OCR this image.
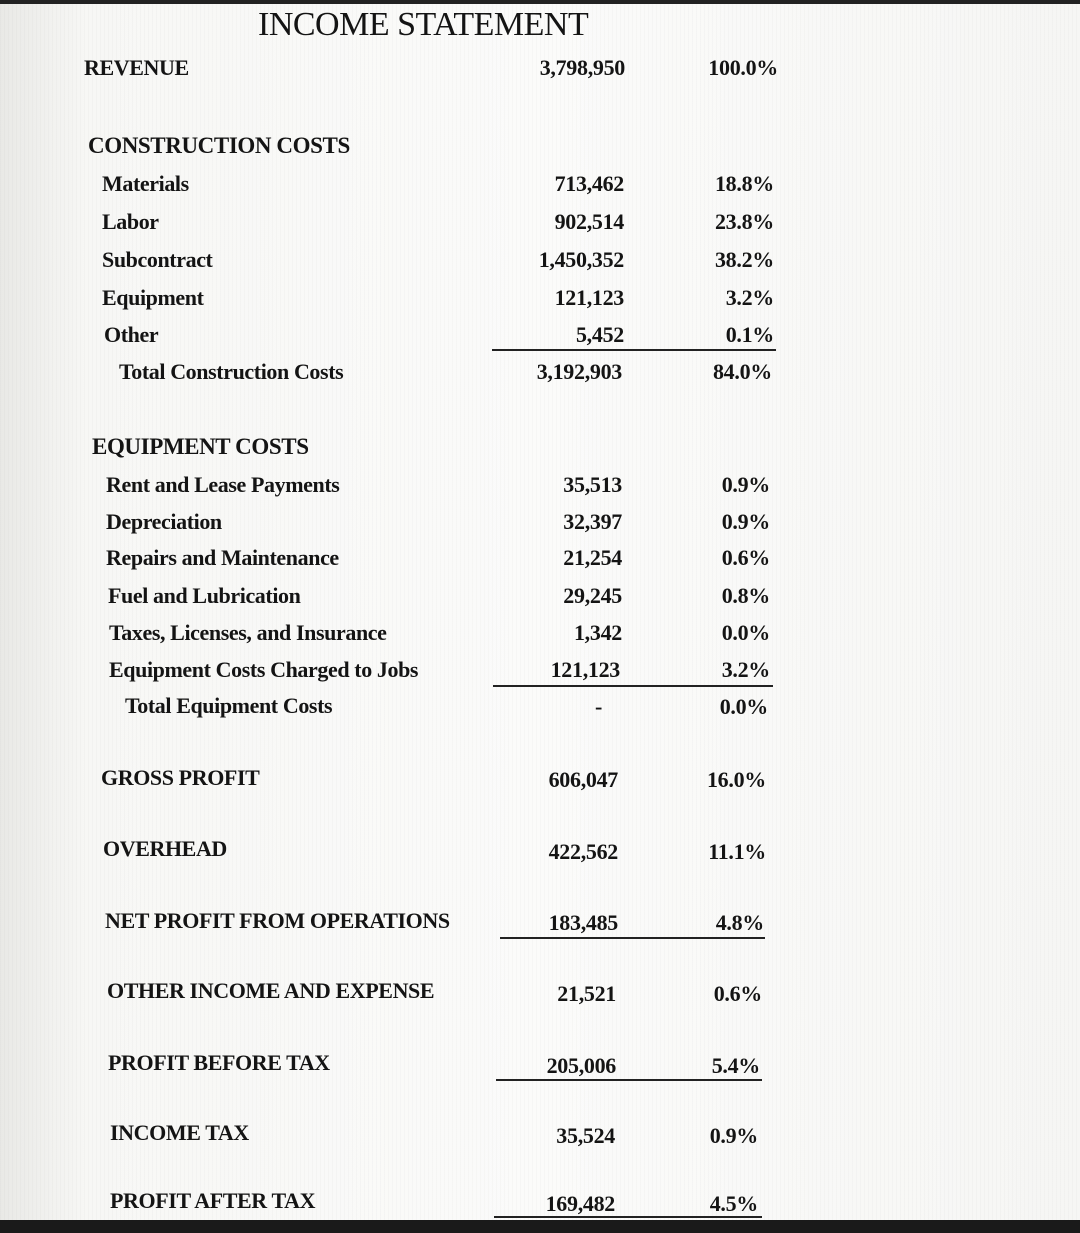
INCOME STATEMENT
REVENUE	3,798,950	100.0%
CONSTRUCTION COSTS
Materials	713,462	18.8%
Labor	902,514	23.8%
Subcontract	1,450,352	38.2%
Equipment	121,123	3.2%
Other	5,452	0.1%
Total Construction Costs	3,192,903	84.0%
EQUIPMENT COSTS
Rent and Lease Payments	35,513	0.9%
Depreciation	32,397	0.9%
Repairs and Maintenance	21,254	0.6%
Fuel and Lubrication	29,245	0.8%
Taxes, Licenses, and Insurance	1,342	0.0%
Equipment Costs Charged to Jobs	121,123	3.2%
Total Equipment Costs	-	0.0%
GROSS PROFIT	606,047	16.0%
OVERHEAD	422,562	11.1%
NET PROFIT FROM OPERATIONS	183,485	4.8%
OTHER INCOME AND EXPENSE	21,521	0.6%
PROFIT BEFORE TAX	205,006	5.4%
INCOME TAX	35,524	0.9%
PROFIT AFTER TAX	169,482	4.5%
